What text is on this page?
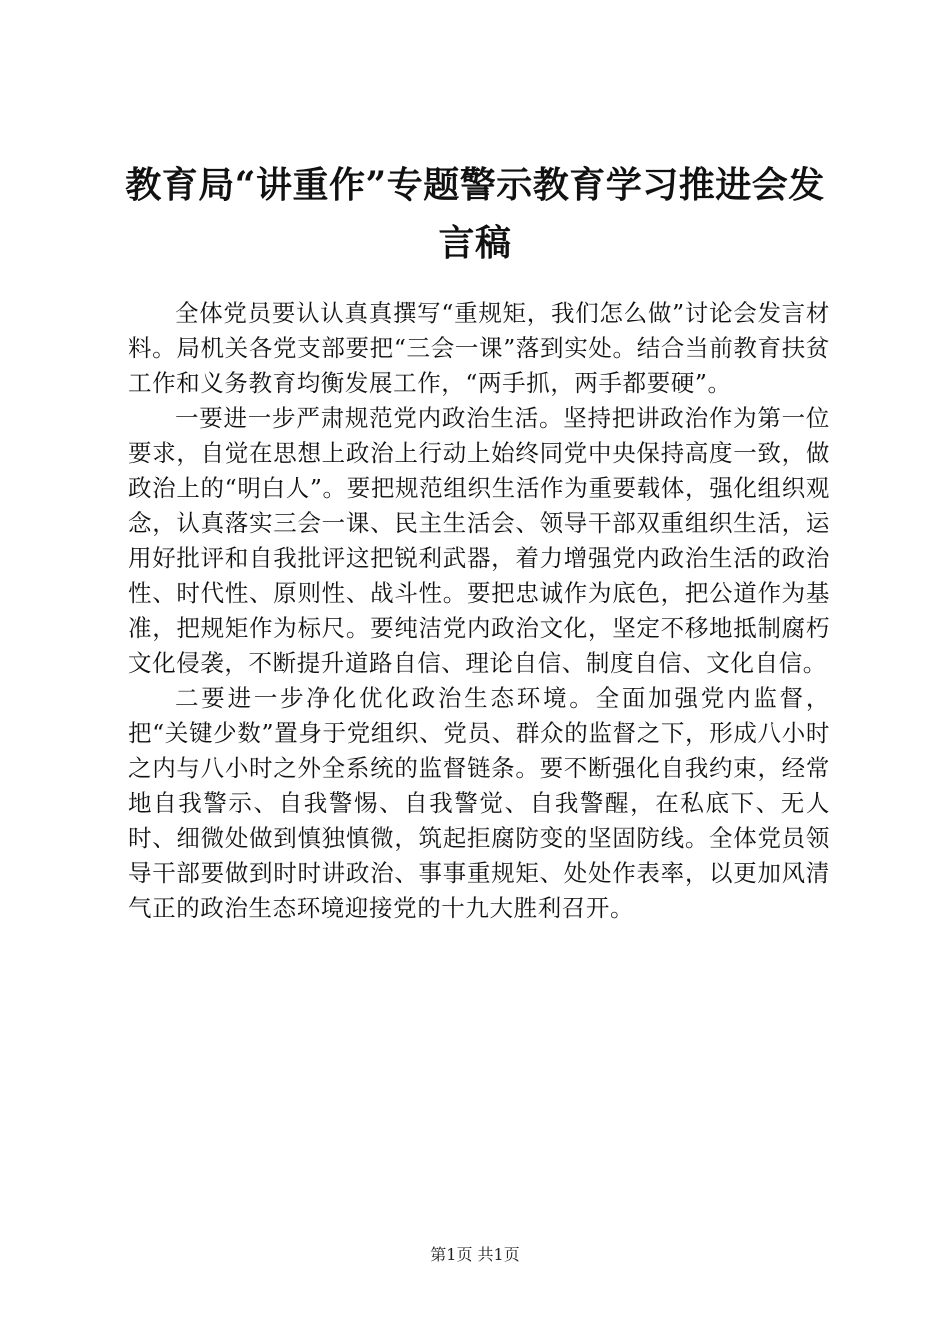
教育局“讲重作”专题警示教育学习推进会发言稿

全体党员要认认真真撰写“重规矩，我们怎么做”讨论会发言材料。局机关各党支部要把“三会一课”落到实处。结合当前教育扶贫工作和义务教育均衡发展工作，“两手抓，两手都要硬”。

一要进一步严肃规范党内政治生活。坚持把讲政治作为第一位要求，自觉在思想上政治上行动上始终同党中央保持高度一致，做政治上的“明白人”。要把规范组织生活作为重要载体，强化组织观念，认真落实三会一课、民主生活会、领导干部双重组织生活，运用好批评和自我批评这把锐利武器，着力增强党内政治生活的政治性、时代性、原则性、战斗性。要把忠诚作为底色，把公道作为基准，把规矩作为标尺。要纯洁党内政治文化，坚定不移地抵制腐朽文化侵袭，不断提升道路自信、理论自信、制度自信、文化自信。

二要进一步净化优化政治生态环境。全面加强党内监督，把“关键少数”置身于党组织、党员、群众的监督之下，形成八小时之内与八小时之外全系统的监督链条。要不断强化自我约束，经常地自我警示、自我警惕、自我警觉、自我警醒，在私底下、无人时、细微处做到慎独慎微，筑起拒腐防变的坚固防线。全体党员领导干部要做到时时讲政治、事事重规矩、处处作表率，以更加风清气正的政治生态环境迎接党的十九大胜利召开。

第1页 共1页
